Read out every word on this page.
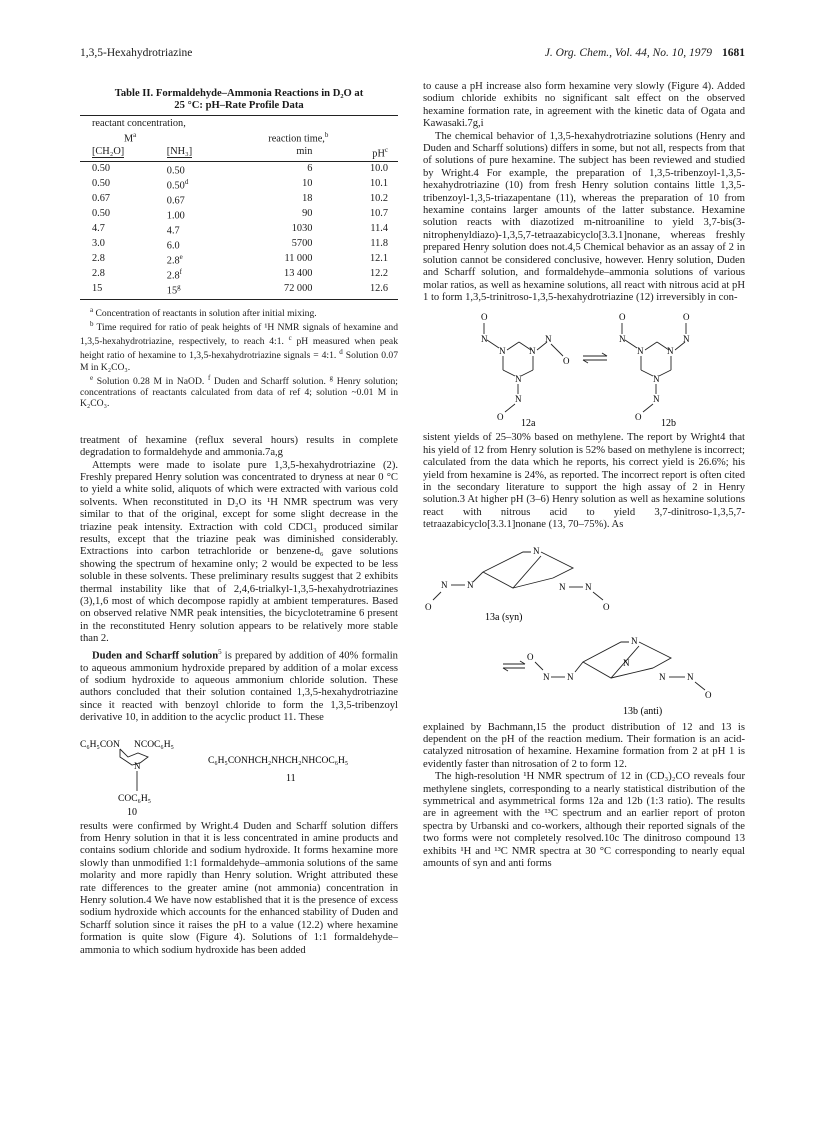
1,3,5-Hexahydrotriazine	J. Org. Chem., Vol. 44, No. 10, 1979 1681
Table II. Formaldehyde–Ammonia Reactions in D₂O at
25 °C: pH–Rate Profile Data
reactant concentration,			
$M^a$		reaction time,$^b$	
[CH₂O]	[NH₃]	min	$pH^c$
0.50	0.50	6	10.0
0.50	0.50$^d$	10	10.1
0.67	0.67	18	10.2
0.50	1.00	90	10.7
4.7	4.7	1030	11.4
3.0	6.0	5700	11.8
2.8	2.8e	11 000	12.1
2.8	2.8$^f$	13 400	12.2
15	15$^g$	72 000	12.6
$^a$ Concentration of reactants in solution after initial mixing.
$^b$ Time required for ratio of peak heights of ¹H NMR signals of hexamine and 1,3,5-hexahydrotriazine, respectively, to reach 4:1. $^c$ pH measured when peak height ratio of hexamine to 1,3,5-hexahydrotriazine signals = 4:1. $^d$ Solution 0.07 M in K₂CO₃.
$^e$ Solution 0.28 M in NaOD. $^f$ Duden and Scharff solution. $^g$ Henry solution; concentrations of reactants calculated from data of ref 4; solution ~0.01 M in K₂CO₃.

treatment of hexamine (reflux several hours) results in complete degradation to formaldehyde and ammonia.7a,g

Attempts were made to isolate pure 1,3,5-hexahydrotriazine (2). Freshly prepared Henry solution was concentrated to dryness at near 0 °C to yield a white solid, aliquots of which were extracted with various cold solvents. When reconstituted in D₂O its ¹H NMR spectrum was very similar to that of the original, except for some slight decrease in the triazine peak intensity. Extraction with cold CDCl₃ produced similar results, except that the triazine peak was diminished considerably. Extractions into carbon tetrachloride or benzene-d₆ gave solutions showing the spectrum of hexamine only; 2 would be expected to be less soluble in these solvents. These preliminary results suggest that 2 exhibits thermal instability like that of 2,4,6-trialkyl-1,3,5-hexahydrotriazines (3),1,6 most of which decompose rapidly at ambient temperatures. Based on observed relative NMR peak intensities, the bicyclotetramine 6 present in the reconstituted Henry solution appears to be relatively more stable than 2.

Duden and Scharff solution$^5$ is prepared by addition of 40% formalin to aqueous ammonium hydroxide prepared by addition of a molar excess of sodium hydroxide to aqueous ammonium chloride solution. These authors concluded that their solution contained 1,3,5-hexahydrotriazine since it reacted with benzoyl chloride to form the 1,3,5-tribenzoyl derivative 10, in addition to the acyclic product 11. These

C₆H₅CON NCOC₆H₅
N
COC₆H₅
10
C₆H₅CONHCH₂NHCH₂NHCOC₆H₅
11

results were confirmed by Wright.4 Duden and Scharff solution differs from Henry solution in that it is less concentrated in amine products and contains sodium chloride and sodium hydroxide. It forms hexamine more slowly than unmodified 1:1 formaldehyde–ammonia solutions of the same molarity and more rapidly than Henry solution. Wright attributed these rate differences to the greater amine (not ammonia) concentration in Henry solution.4 We have now established that it is the presence of excess sodium hydroxide which accounts for the enhanced stability of Duden and Scharff solution since it raises the pH to a value (12.2) where hexamine formation is quite slow (Figure 4). Solutions of 1:1 formaldehyde–ammonia to which sodium hydroxide has been added

to cause a pH increase also form hexamine very slowly (Figure 4). Added sodium chloride exhibits no significant salt effect on the observed hexamine formation rate, in agreement with the kinetic data of Ogata and Kawasaki.7g,i

The chemical behavior of 1,3,5-hexahydrotriazine solutions (Henry and Duden and Scharff solutions) differs in some, but not all, respects from that of solutions of pure hexamine. The subject has been reviewed and studied by Wright.4 For example, the preparation of 1,3,5-tribenzoyl-1,3,5-hexahydrotriazine (10) from fresh Henry solution contains little 1,3,5-tribenzoyl-1,3,5-triazapentane (11), whereas the preparation of 10 from hexamine contains larger amounts of the latter substance. Hexamine solution reacts with diazotized m-nitroaniline to yield 3,7-bis(3-nitrophenyldiazo)-1,3,5,7-tetraazabicyclo[3.3.1]nonane, whereas freshly prepared Henry solution does not.4,5 Chemical behavior as an assay of 2 in solution cannot be considered conclusive, however. Henry solution, Duden and Scharff solution, and formaldehyde–ammonia solutions of various molar ratios, as well as hexamine solutions, all react with nitrous acid at pH 1 to form 1,3,5-trinitroso-1,3,5-hexahydrotriazine (12) irreversibly in con-

O
N
N	N
N
O
N
N
O
12a
O
N
N	N
N
O
N
N
O
12b

sistent yields of 25–30% based on methylene. The report by Wright4 that his yield of 12 from Henry solution is 52% based on methylene is incorrect; calculated from the data which he reports, his correct yield is 26.6%; his yield from hexamine is 24%, as reported. The incorrect report is often cited in the secondary literature to support the high assay of 2 in Henry solution.3 At higher pH (3–6) Henry solution as well as hexamine solutions react with nitrous acid to yield 3,7-dinitroso-1,3,5,7-tetraazabicyclo[3.3.1]nonane (13, 70–75%). As

N
N
N
O
N N
O
13a (syn)
O
N N
N
N
N N
O
13b (anti)

explained by Bachmann,15 the product distribution of 12 and 13 is dependent on the pH of the reaction medium. Their formation is an acid-catalyzed nitrosation of hexamine. Hexamine formation from 2 at pH 1 is evidently faster than nitrosation of 2 to form 12.

The high-resolution ¹H NMR spectrum of 12 in (CD₃)₂CO reveals four methylene singlets, corresponding to a nearly statistical distribution of the symmetrical and asymmetrical forms 12a and 12b (1:3 ratio). The results are in agreement with the ¹³C spectrum and an earlier report of proton spectra by Urbanski and co-workers, although their reported signals of the two forms were not completely resolved.10c The dinitroso compound 13 exhibits ¹H and ¹³C NMR spectra at 30 °C corresponding to nearly equal amounts of syn and anti forms
